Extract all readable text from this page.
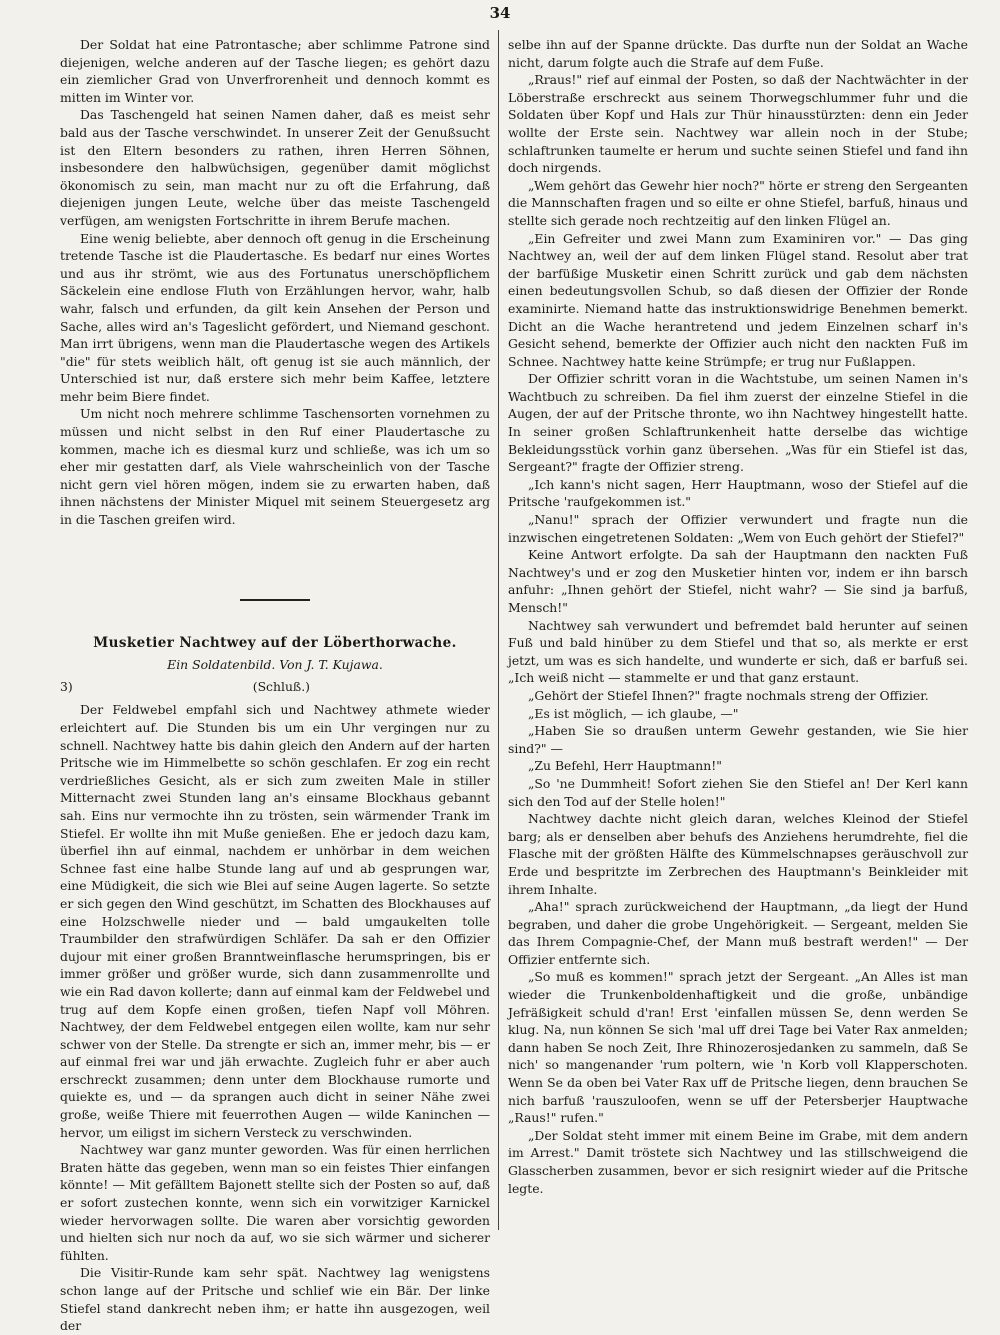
34

Der Soldat hat eine Patrontasche; aber schlimme Patrone sind diejenigen, welche anderen auf der Tasche liegen; es gehört dazu ein ziemlicher Grad von Unverfrorenheit und dennoch kommt es mitten im Winter vor.

Das Taschengeld hat seinen Namen daher, daß es meist sehr bald aus der Tasche verschwindet. In unserer Zeit der Genußsucht ist den Eltern besonders zu rathen, ihren Herren Söhnen, insbesondere den halbwüchsigen, gegenüber damit möglichst ökonomisch zu sein, man macht nur zu oft die Erfahrung, daß diejenigen jungen Leute, welche über das meiste Taschengeld verfügen, am wenigsten Fortschritte in ihrem Berufe machen.

Eine wenig beliebte, aber dennoch oft genug in die Erscheinung tretende Tasche ist die Plaudertasche. Es bedarf nur eines Wortes und aus ihr strömt, wie aus des Fortunatus unerschöpflichem Säckelein eine endlose Fluth von Erzählungen hervor, wahr, halb wahr, falsch und erfunden, da gilt kein Ansehen der Person und Sache, alles wird an's Tageslicht gefördert, und Niemand geschont. Man irrt übrigens, wenn man die Plaudertasche wegen des Artikels "die" für stets weiblich hält, oft genug ist sie auch männlich, der Unterschied ist nur, daß erstere sich mehr beim Kaffee, letztere mehr beim Biere findet.

Um nicht noch mehrere schlimme Taschensorten vornehmen zu müssen und nicht selbst in den Ruf einer Plaudertasche zu kommen, mache ich es diesmal kurz und schließe, was ich um so eher mir gestatten darf, als Viele wahrscheinlich von der Tasche nicht gern viel hören mögen, indem sie zu erwarten haben, daß ihnen nächstens der Minister Miquel mit seinem Steuergesetz arg in die Taschen greifen wird.

Musketier Nachtwey auf der Löberthorwache.
Ein Soldatenbild. Von J. T. Kujawa.
3)	(Schluß.)

Der Feldwebel empfahl sich und Nachtwey athmete wieder erleichtert auf. Die Stunden bis um ein Uhr vergingen nur zu schnell. Nachtwey hatte bis dahin gleich den Andern auf der harten Pritsche wie im Himmelbette so schön geschlafen. Er zog ein recht verdrießliches Gesicht, als er sich zum zweiten Male in stiller Mitternacht zwei Stunden lang an's einsame Blockhaus gebannt sah. Eins nur vermochte ihn zu trösten, sein wärmender Trank im Stiefel. Er wollte ihn mit Muße genießen. Ehe er jedoch dazu kam, überfiel ihn auf einmal, nachdem er unhörbar in dem weichen Schnee fast eine halbe Stunde lang auf und ab gesprungen war, eine Müdigkeit, die sich wie Blei auf seine Augen lagerte. So setzte er sich gegen den Wind geschützt, im Schatten des Blockhauses auf eine Holzschwelle nieder und — bald umgaukelten tolle Traumbilder den strafwürdigen Schläfer. Da sah er den Offizier dujour mit einer großen Branntweinflasche herumspringen, bis er immer größer und größer wurde, sich dann zusammenrollte und wie ein Rad davon kollerte; dann auf einmal kam der Feldwebel und trug auf dem Kopfe einen großen, tiefen Napf voll Möhren. Nachtwey, der dem Feldwebel entgegen eilen wollte, kam nur sehr schwer von der Stelle. Da strengte er sich an, immer mehr, bis — er auf einmal frei war und jäh erwachte. Zugleich fuhr er aber auch erschreckt zusammen; denn unter dem Blockhause rumorte und quiekte es, und — da sprangen auch dicht in seiner Nähe zwei große, weiße Thiere mit feuerrothen Augen — wilde Kaninchen — hervor, um eiligst im sichern Versteck zu verschwinden.

Nachtwey war ganz munter geworden. Was für einen herrlichen Braten hätte das gegeben, wenn man so ein feistes Thier einfangen könnte! — Mit gefälltem Bajonett stellte sich der Posten so auf, daß er sofort zustechen konnte, wenn sich ein vorwitziger Karnickel wieder hervorwagen sollte. Die waren aber vorsichtig geworden und hielten sich nur noch da auf, wo sie sich wärmer und sicherer fühlten.

Die Visitir-Runde kam sehr spät. Nachtwey lag wenigstens schon lange auf der Pritsche und schlief wie ein Bär. Der linke Stiefel stand dankrecht neben ihm; er hatte ihn ausgezogen, weil der

selbe ihn auf der Spanne drückte. Das durfte nun der Soldat an Wache nicht, darum folgte auch die Strafe auf dem Fuße.

„Rraus!" rief auf einmal der Posten, so daß der Nachtwächter in der Löberstraße erschreckt aus seinem Thorwegschlummer fuhr und die Soldaten über Kopf und Hals zur Thür hinausstürzten: denn ein Jeder wollte der Erste sein. Nachtwey war allein noch in der Stube; schlaftrunken taumelte er herum und suchte seinen Stiefel und fand ihn doch nirgends.

„Wem gehört das Gewehr hier noch?" hörte er streng den Sergeanten die Mannschaften fragen und so eilte er ohne Stiefel, barfuß, hinaus und stellte sich gerade noch rechtzeitig auf den linken Flügel an.

„Ein Gefreiter und zwei Mann zum Examiniren vor." — Das ging Nachtwey an, weil der auf dem linken Flügel stand. Resolut aber trat der barfüßige Musketir einen Schritt zurück und gab dem nächsten einen bedeutungsvollen Schub, so daß diesen der Offizier der Ronde examinirte. Niemand hatte das instruktionswidrige Benehmen bemerkt. Dicht an die Wache herantretend und jedem Einzelnen scharf in's Gesicht sehend, bemerkte der Offizier auch nicht den nackten Fuß im Schnee. Nachtwey hatte keine Strümpfe; er trug nur Fußlappen.

Der Offizier schritt voran in die Wachtstube, um seinen Namen in's Wachtbuch zu schreiben. Da fiel ihm zuerst der einzelne Stiefel in die Augen, der auf der Pritsche thronte, wo ihn Nachtwey hingestellt hatte. In seiner großen Schlaftrunkenheit hatte derselbe das wichtige Bekleidungsstück vorhin ganz übersehen. „Was für ein Stiefel ist das, Sergeant?" fragte der Offizier streng.

„Ich kann's nicht sagen, Herr Hauptmann, woso der Stiefel auf die Pritsche 'raufgekommen ist."

„Nanu!" sprach der Offizier verwundert und fragte nun die inzwischen eingetretenen Soldaten: „Wem von Euch gehört der Stiefel?"

Keine Antwort erfolgte. Da sah der Hauptmann den nackten Fuß Nachtwey's und er zog den Musketier hinten vor, indem er ihn barsch anfuhr: „Ihnen gehört der Stiefel, nicht wahr? — Sie sind ja barfuß, Mensch!"

Nachtwey sah verwundert und befremdet bald herunter auf seinen Fuß und bald hinüber zu dem Stiefel und that so, als merkte er erst jetzt, um was es sich handelte, und wunderte er sich, daß er barfuß sei. „Ich weiß nicht — stammelte er und that ganz erstaunt.

„Gehört der Stiefel Ihnen?" fragte nochmals streng der Offizier.

„Es ist möglich, — ich glaube, —"

„Haben Sie so draußen unterm Gewehr gestanden, wie Sie hier sind?" —

„Zu Befehl, Herr Hauptmann!"

„So 'ne Dummheit! Sofort ziehen Sie den Stiefel an! Der Kerl kann sich den Tod auf der Stelle holen!"

Nachtwey dachte nicht gleich daran, welches Kleinod der Stiefel barg; als er denselben aber behufs des Anziehens herumdrehte, fiel die Flasche mit der größten Hälfte des Kümmelschnapses geräuschvoll zur Erde und bespritzte im Zerbrechen des Hauptmann's Beinkleider mit ihrem Inhalte.

„Aha!" sprach zurückweichend der Hauptmann, „da liegt der Hund begraben, und daher die grobe Ungehörigkeit. — Sergeant, melden Sie das Ihrem Compagnie-Chef, der Mann muß bestraft werden!" — Der Offizier entfernte sich.

„So muß es kommen!" sprach jetzt der Sergeant. „An Alles ist man wieder die Trunkenboldenhaftigkeit und die große, unbändige Jefräßigkeit schuld d'ran! Erst 'einfallen müssen Se, denn werden Se klug. Na, nun können Se sich 'mal uff drei Tage bei Vater Rax anmelden; dann haben Se noch Zeit, Ihre Rhinozerosjedanken zu sammeln, daß Se nich' so mangenander 'rum poltern, wie 'n Korb voll Klapperschoten. Wenn Se da oben bei Vater Rax uff de Pritsche liegen, denn brauchen Se nich barfuß 'rauszuloofen, wenn se uff der Petersberjer Hauptwache „Raus!" rufen."

„Der Soldat steht immer mit einem Beine im Grabe, mit dem andern im Arrest." Damit tröstete sich Nachtwey und las stillschweigend die Glasscherben zusammen, bevor er sich resignirt wieder auf die Pritsche legte.
